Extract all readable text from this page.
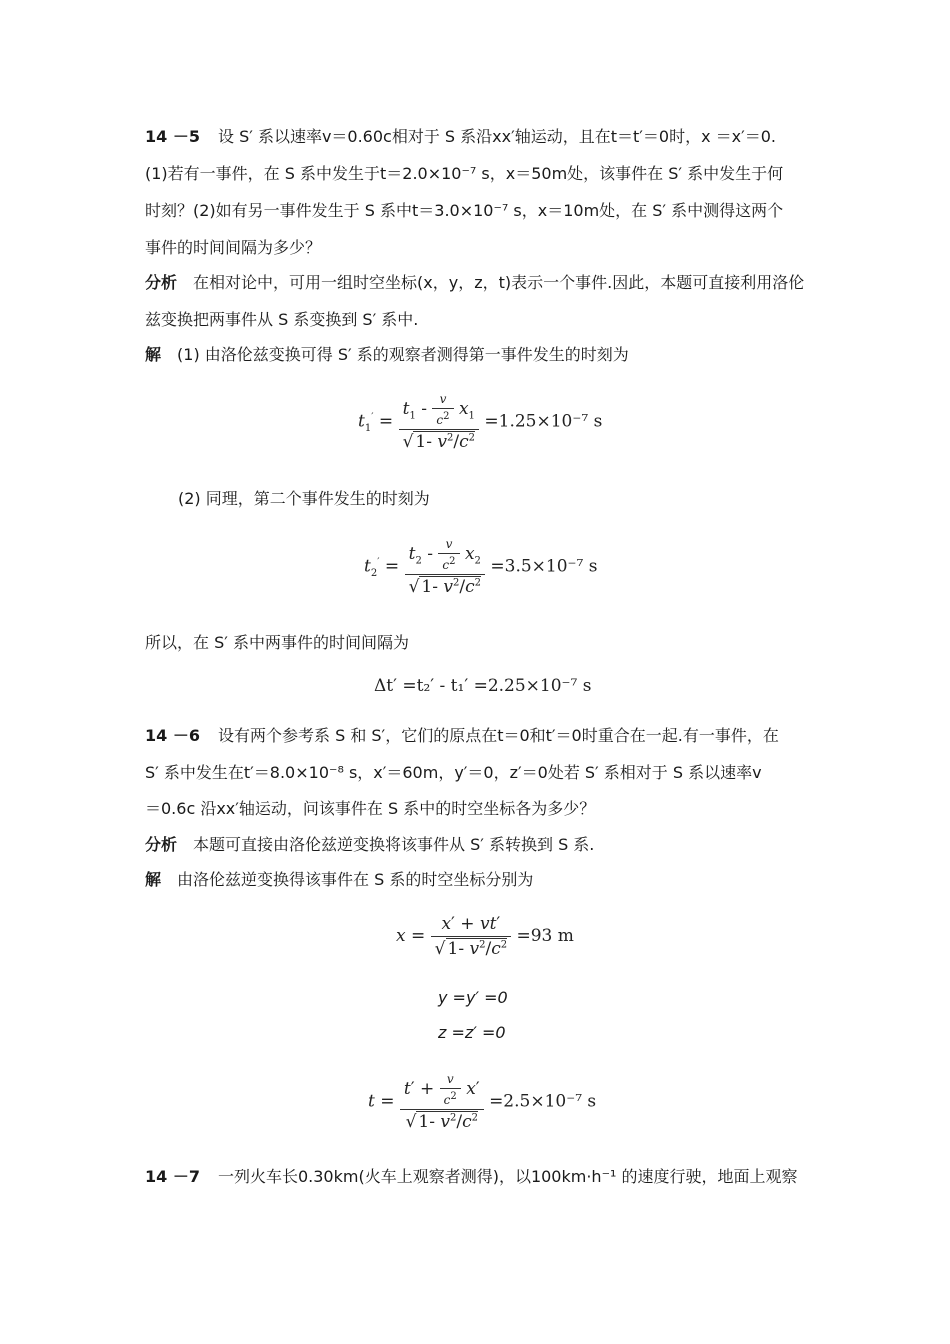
14 －5 设 S′ 系以速率v＝0.60c相对于 S 系沿xx′轴运动，且在t＝t′＝0时，x ＝x′＝0.
(1)若有一事件，在 S 系中发生于t＝2.0×10⁻⁷ s，x＝50m处，该事件在 S′ 系中发生于何
时刻？(2)如有另一事件发生于 S 系中t＝3.0×10⁻⁷ s，x＝10m处，在 S′ 系中测得这两个
事件的时间间隔为多少？
分析 在相对论中，可用一组时空坐标(x，y，z，t)表示一个事件.因此，本题可直接利用洛伦
兹变换把两事件从 S 系变换到 S′ 系中.
解 (1) 由洛伦兹变换可得 S′ 系的观察者测得第一事件发生的时刻为
$t_1' = \frac{t_1 - \frac{v}{c^2} x_1}{√ 1- v^2/c^2} =1.25\times 10^{-7}$ s
(2) 同理，第二个事件发生的时刻为
$t_2' = \frac{t_2 - \frac{v}{c^2} x_2}{√ 1- v^2/c^2} =3.5\times 10^{-7}$ s
所以，在 S′ 系中两事件的时间间隔为
Δt′ =t₂′ - t₁′ =2.25×10⁻⁷ s
14 －6 设有两个参考系 S 和 S′，它们的原点在t＝0和t′＝0时重合在一起.有一事件，在
S′ 系中发生在t′＝8.0×10⁻⁸ s，x′＝60m，y′＝0，z′＝0处若 S′ 系相对于 S 系以速率v
＝0.6c 沿xx′轴运动，问该事件在 S 系中的时空坐标各为多少？
分析 本题可直接由洛伦兹逆变换将该事件从 S′ 系转换到 S 系.
解 由洛伦兹逆变换得该事件在 S 系的时空坐标分别为
$x = \frac{x' + vt'}{√ 1- v^2/c^2} =93$ m
y =y′ =0
z =z′ =0
$t = \frac{t' + \frac{v}{c^2} x'}{√ 1- v^2/c^2} =2.5\times 10^{-7}$ s
14 －7 一列火车长0.30km(火车上观察者测得)，以100km·h⁻¹ 的速度行驶，地面上观察
